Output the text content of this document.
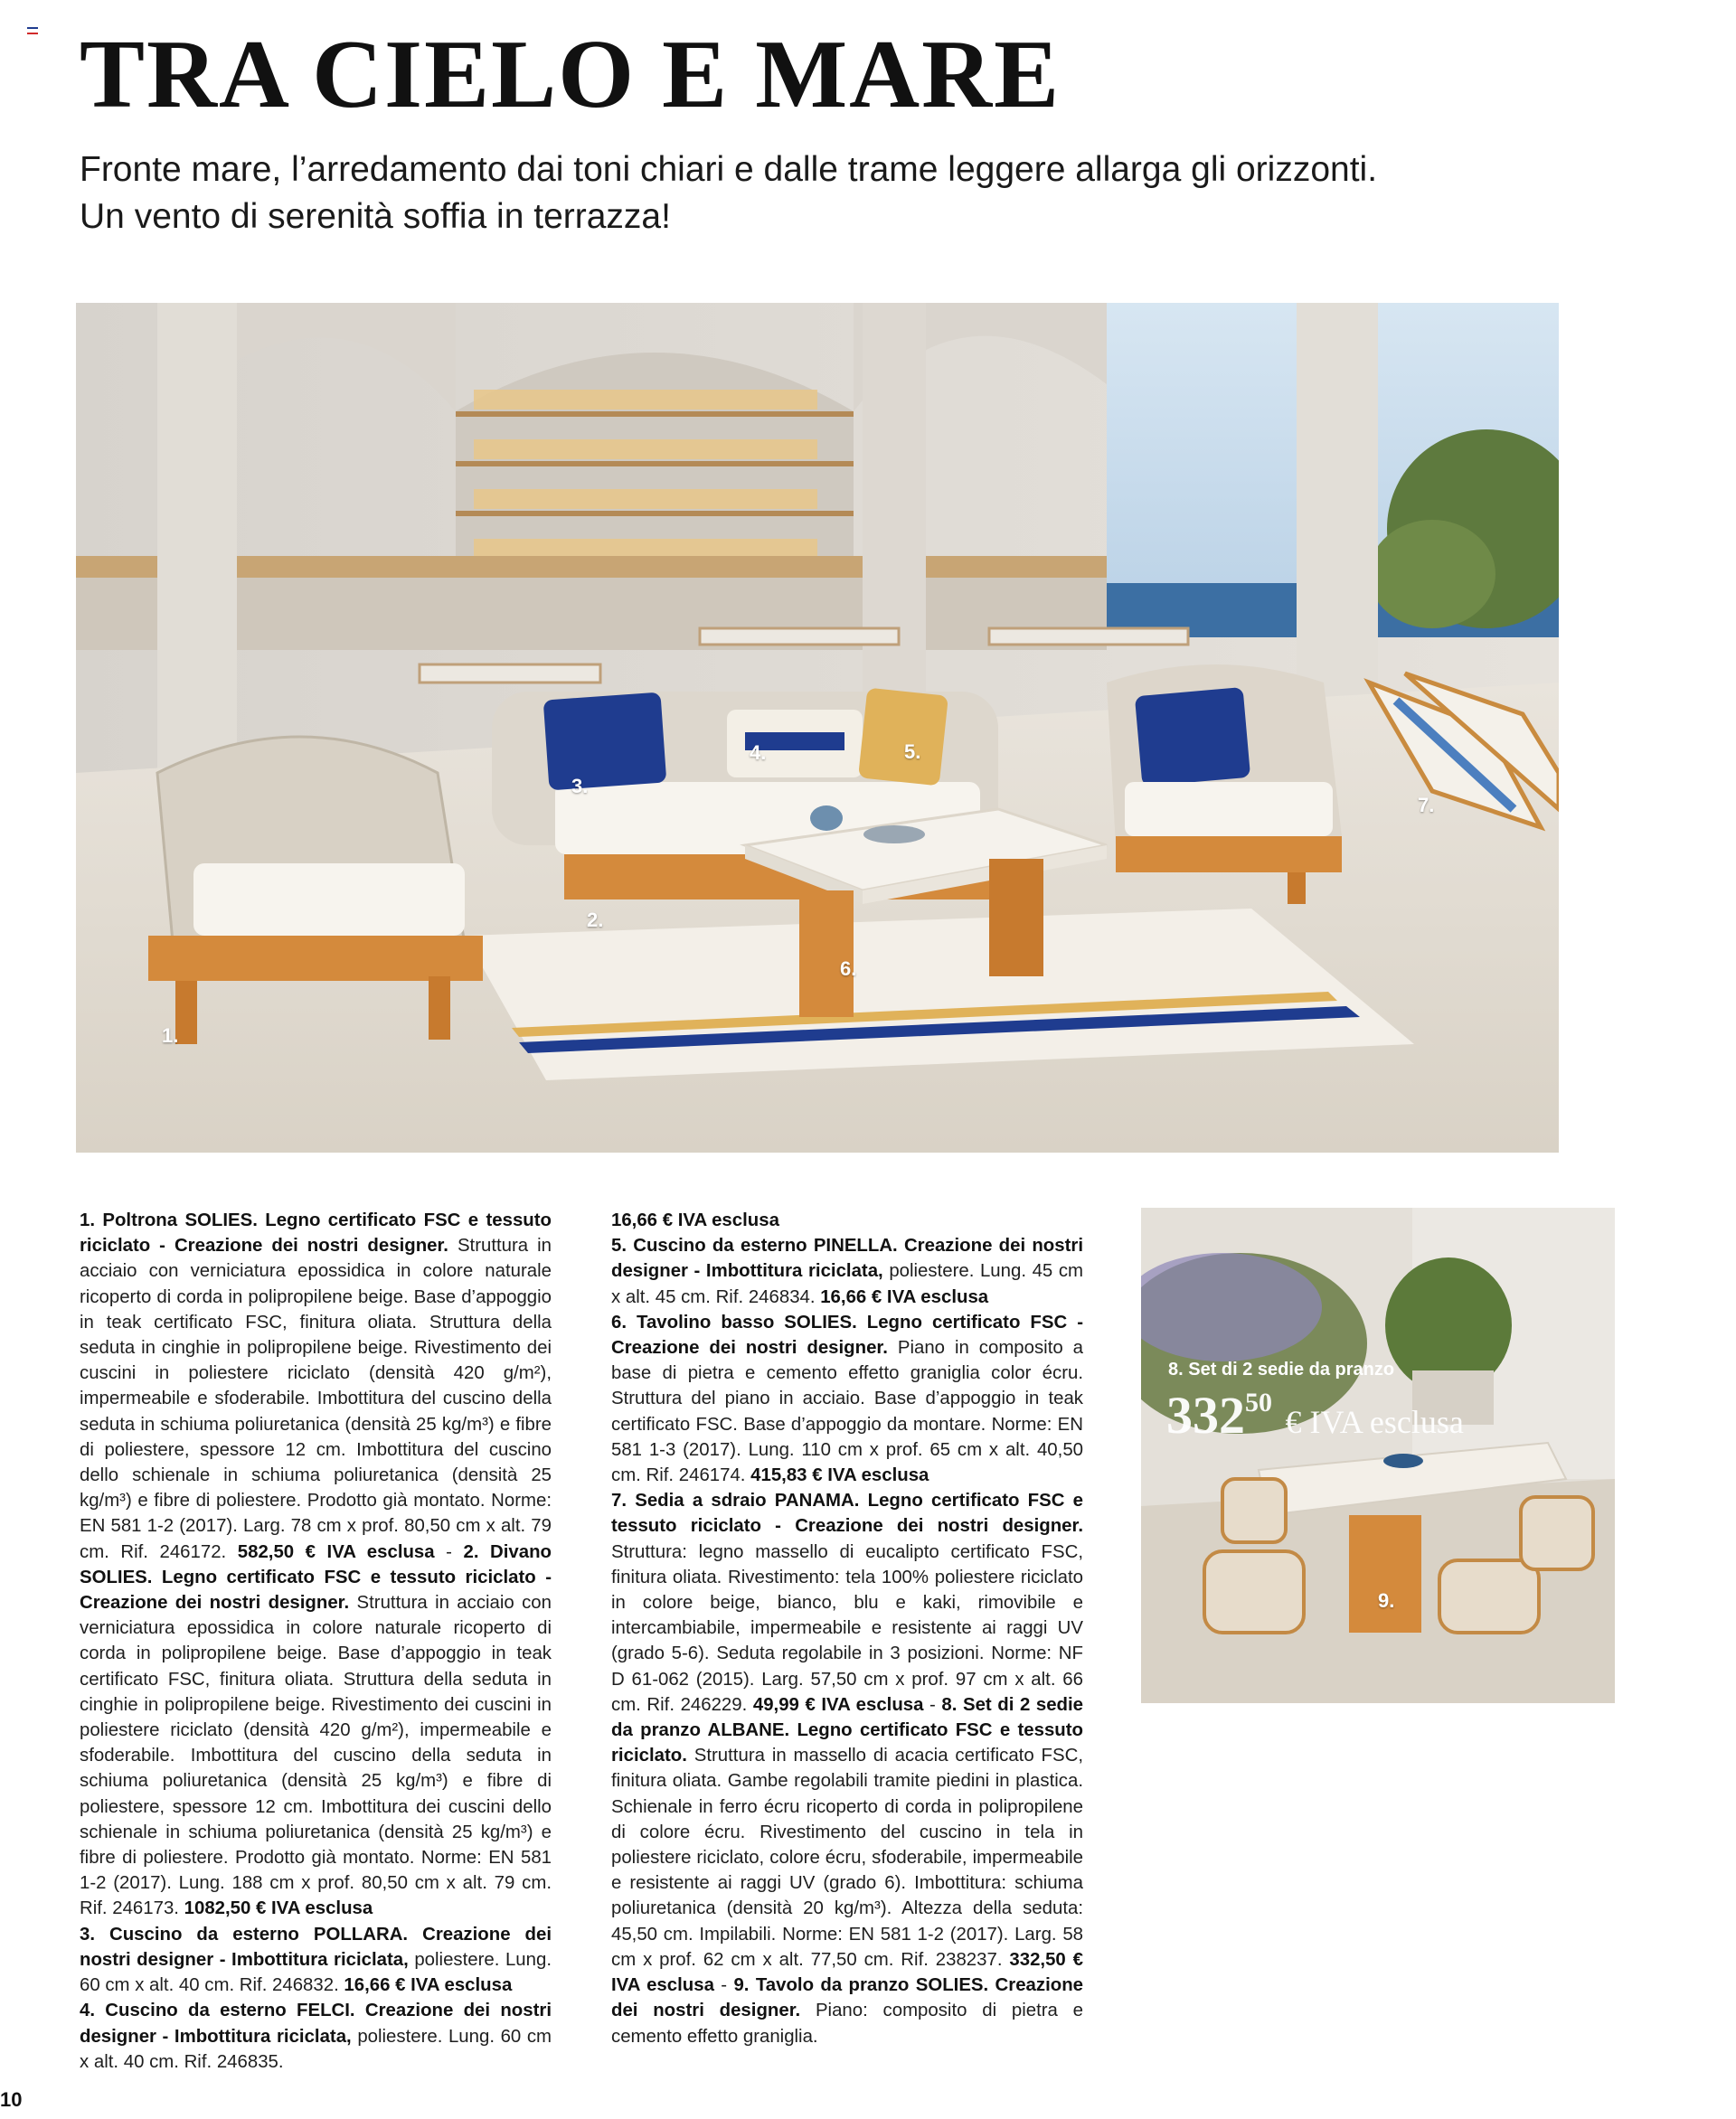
TRA CIELO E MARE

Fronte mare, l’arredamento dai toni chiari e dalle trame leggere allarga gli orizzonti.
Un vento di serenità soffia in terrazza!

1.
2.
3.
4.	5.
6.
7.

1. Poltrona SOLIES. Legno certificato FSC e tessuto riciclato - Creazione dei nostri designer. Struttura in acciaio con verniciatura epossidica in colore naturale ricoperto di corda in polipropilene beige. Base d’appoggio in teak certificato FSC, finitura oliata. Struttura della seduta in cinghie in polipropilene beige. Rivestimento dei cuscini in poliestere riciclato (densità 420 g/m²), impermeabile e sfoderabile. Imbottitura del cuscino della seduta in schiuma poliuretanica (densità 25 kg/m³) e fibre di poliestere, spessore 12 cm. Imbottitura del cuscino dello schienale in schiuma poliuretanica (densità 25 kg/m³) e fibre di poliestere. Prodotto già montato. Norme: EN 581 1-2 (2017). Larg. 78 cm x prof. 80,50 cm x alt. 79 cm. Rif. 246172. 582,50 € IVA esclusa - 2. Divano SOLIES. Legno certificato FSC e tessuto riciclato - Creazione dei nostri designer. Struttura in acciaio con verniciatura epossidica in colore naturale ricoperto di corda in polipropilene beige. Base d’appoggio in teak certificato FSC, finitura oliata. Struttura della seduta in cinghie in polipropilene beige. Rivestimento dei cuscini in poliestere riciclato (densità 420 g/m²), impermeabile e sfoderabile. Imbottitura del cuscino della seduta in schiuma poliuretanica (densità 25 kg/m³) e fibre di poliestere, spessore 12 cm. Imbottitura dei cuscini dello schienale in schiuma poliuretanica (densità 25 kg/m³) e fibre di poliestere. Prodotto già montato. Norme: EN 581 1-2 (2017). Lung. 188 cm x prof. 80,50 cm x alt. 79 cm. Rif. 246173. 1082,50 € IVA esclusa
3. Cuscino da esterno POLLARA. Creazione dei nostri designer - Imbottitura riciclata, poliestere. Lung. 60 cm x alt. 40 cm. Rif. 246832. 16,66 € IVA esclusa
4. Cuscino da esterno FELCI. Creazione dei nostri designer - Imbottitura riciclata, poliestere. Lung. 60 cm x alt. 40 cm. Rif. 246835.

16,66 € IVA esclusa
5. Cuscino da esterno PINELLA. Creazione dei nostri designer - Imbottitura riciclata, poliestere. Lung. 45 cm x alt. 45 cm. Rif. 246834. 16,66 € IVA esclusa
6. Tavolino basso SOLIES. Legno certificato FSC - Creazione dei nostri designer. Piano in composito a base di pietra e cemento effetto graniglia color écru. Struttura del piano in acciaio. Base d’appoggio in teak certificato FSC. Base d’appoggio da montare. Norme: EN 581 1-3 (2017). Lung. 110 cm x prof. 65 cm x alt. 40,50 cm. Rif. 246174. 415,83 € IVA esclusa
7. Sedia a sdraio PANAMA. Legno certificato FSC e tessuto riciclato - Creazione dei nostri designer. Struttura: legno massello di eucalipto certificato FSC, finitura oliata. Rivestimento: tela 100% poliestere riciclato in colore beige, bianco, blu e kaki, rimovibile e intercambiabile, impermeabile e resistente ai raggi UV (grado 5-6). Seduta regolabile in 3 posizioni. Norme: NF D 61-062 (2015). Larg. 57,50 cm x prof. 97 cm x alt. 66 cm. Rif. 246229. 49,99 € IVA esclusa - 8. Set di 2 sedie da pranzo ALBANE. Legno certificato FSC e tessuto riciclato. Struttura in massello di acacia certificato FSC, finitura oliata. Gambe regolabili tramite piedini in plastica. Schienale in ferro écru ricoperto di corda in polipropilene di colore écru. Rivestimento del cuscino in tela in poliestere riciclato, colore écru, sfoderabile, impermeabile e resistente ai raggi UV (grado 6). Imbottitura: schiuma poliuretanica (densità 20 kg/m³). Altezza della seduta: 45,50 cm. Impilabili. Norme: EN 581 1-2 (2017). Larg. 58 cm x prof. 62 cm x alt. 77,50 cm. Rif. 238237. 332,50 € IVA esclusa - 9. Tavolo da pranzo SOLIES. Creazione dei nostri designer. Piano: composito di pietra e cemento effetto graniglia.

8. Set di 2 sedie da pranzo
$332^{50}$ € IVA esclusa
9.
10
